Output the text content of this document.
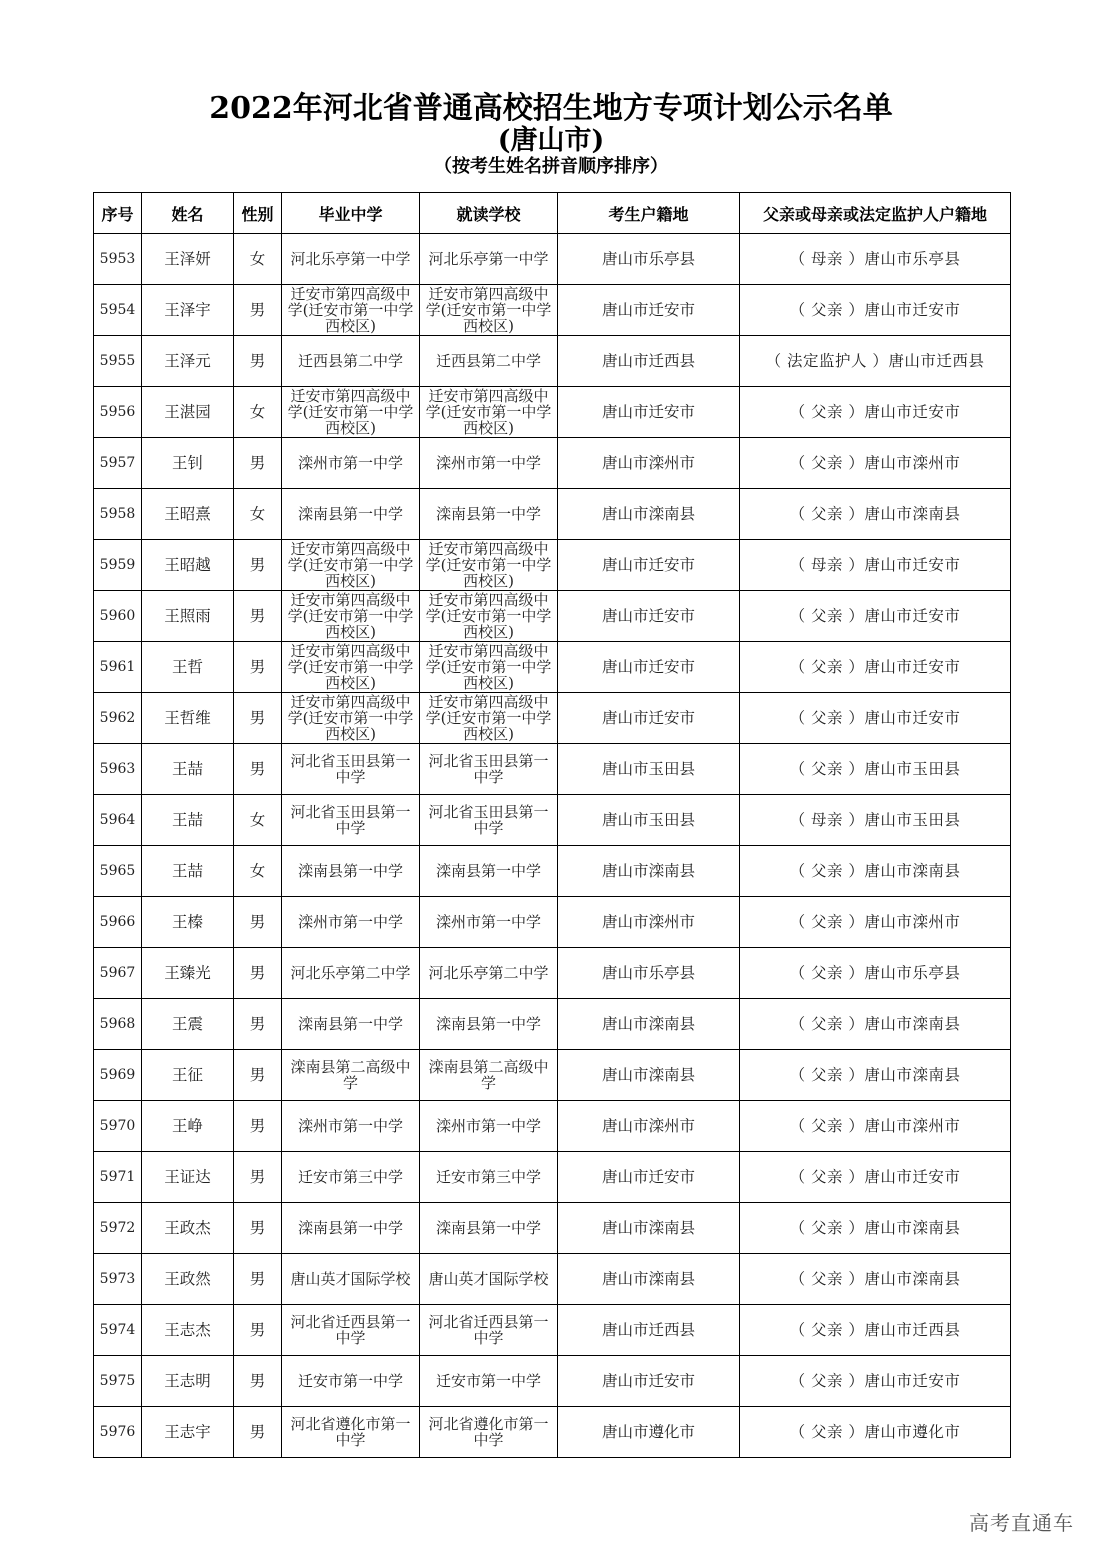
2022年河北省普通高校招生地方专项计划公示名单
(唐山市)
（按考生姓名拼音顺序排序）
序号	姓名	性别	毕业中学	就读学校	考生户籍地	父亲或母亲或法定监护人户籍地
5953	王泽妍	女	河北乐亭第一中学	河北乐亭第一中学	唐山市乐亭县	（ 母亲 ）唐山市乐亭县
5954	王泽宇	男	迁安市第四高级中学(迁安市第一中学西校区)	迁安市第四高级中学(迁安市第一中学西校区)	唐山市迁安市	（ 父亲 ）唐山市迁安市
5955	王泽元	男	迁西县第二中学	迁西县第二中学	唐山市迁西县	（ 法定监护人 ）唐山市迁西县
5956	王湛园	女	迁安市第四高级中学(迁安市第一中学西校区)	迁安市第四高级中学(迁安市第一中学西校区)	唐山市迁安市	（ 父亲 ）唐山市迁安市
5957	王钊	男	滦州市第一中学	滦州市第一中学	唐山市滦州市	（ 父亲 ）唐山市滦州市
5958	王昭熹	女	滦南县第一中学	滦南县第一中学	唐山市滦南县	（ 父亲 ）唐山市滦南县
5959	王昭越	男	迁安市第四高级中学(迁安市第一中学西校区)	迁安市第四高级中学(迁安市第一中学西校区)	唐山市迁安市	（ 母亲 ）唐山市迁安市
5960	王照雨	男	迁安市第四高级中学(迁安市第一中学西校区)	迁安市第四高级中学(迁安市第一中学西校区)	唐山市迁安市	（ 父亲 ）唐山市迁安市
5961	王哲	男	迁安市第四高级中学(迁安市第一中学西校区)	迁安市第四高级中学(迁安市第一中学西校区)	唐山市迁安市	（ 父亲 ）唐山市迁安市
5962	王哲维	男	迁安市第四高级中学(迁安市第一中学西校区)	迁安市第四高级中学(迁安市第一中学西校区)	唐山市迁安市	（ 父亲 ）唐山市迁安市
5963	王喆	男	河北省玉田县第一中学	河北省玉田县第一中学	唐山市玉田县	（ 父亲 ）唐山市玉田县
5964	王喆	女	河北省玉田县第一中学	河北省玉田县第一中学	唐山市玉田县	（ 母亲 ）唐山市玉田县
5965	王喆	女	滦南县第一中学	滦南县第一中学	唐山市滦南县	（ 父亲 ）唐山市滦南县
5966	王榛	男	滦州市第一中学	滦州市第一中学	唐山市滦州市	（ 父亲 ）唐山市滦州市
5967	王臻光	男	河北乐亭第二中学	河北乐亭第二中学	唐山市乐亭县	（ 父亲 ）唐山市乐亭县
5968	王震	男	滦南县第一中学	滦南县第一中学	唐山市滦南县	（ 父亲 ）唐山市滦南县
5969	王征	男	滦南县第二高级中学	滦南县第二高级中学	唐山市滦南县	（ 父亲 ）唐山市滦南县
5970	王峥	男	滦州市第一中学	滦州市第一中学	唐山市滦州市	（ 父亲 ）唐山市滦州市
5971	王证达	男	迁安市第三中学	迁安市第三中学	唐山市迁安市	（ 父亲 ）唐山市迁安市
5972	王政杰	男	滦南县第一中学	滦南县第一中学	唐山市滦南县	（ 父亲 ）唐山市滦南县
5973	王政然	男	唐山英才国际学校	唐山英才国际学校	唐山市滦南县	（ 父亲 ）唐山市滦南县
5974	王志杰	男	河北省迁西县第一中学	河北省迁西县第一中学	唐山市迁西县	（ 父亲 ）唐山市迁西县
5975	王志明	男	迁安市第一中学	迁安市第一中学	唐山市迁安市	（ 父亲 ）唐山市迁安市
5976	王志宇	男	河北省遵化市第一中学	河北省遵化市第一中学	唐山市遵化市	（ 父亲 ）唐山市遵化市
高考直通车
